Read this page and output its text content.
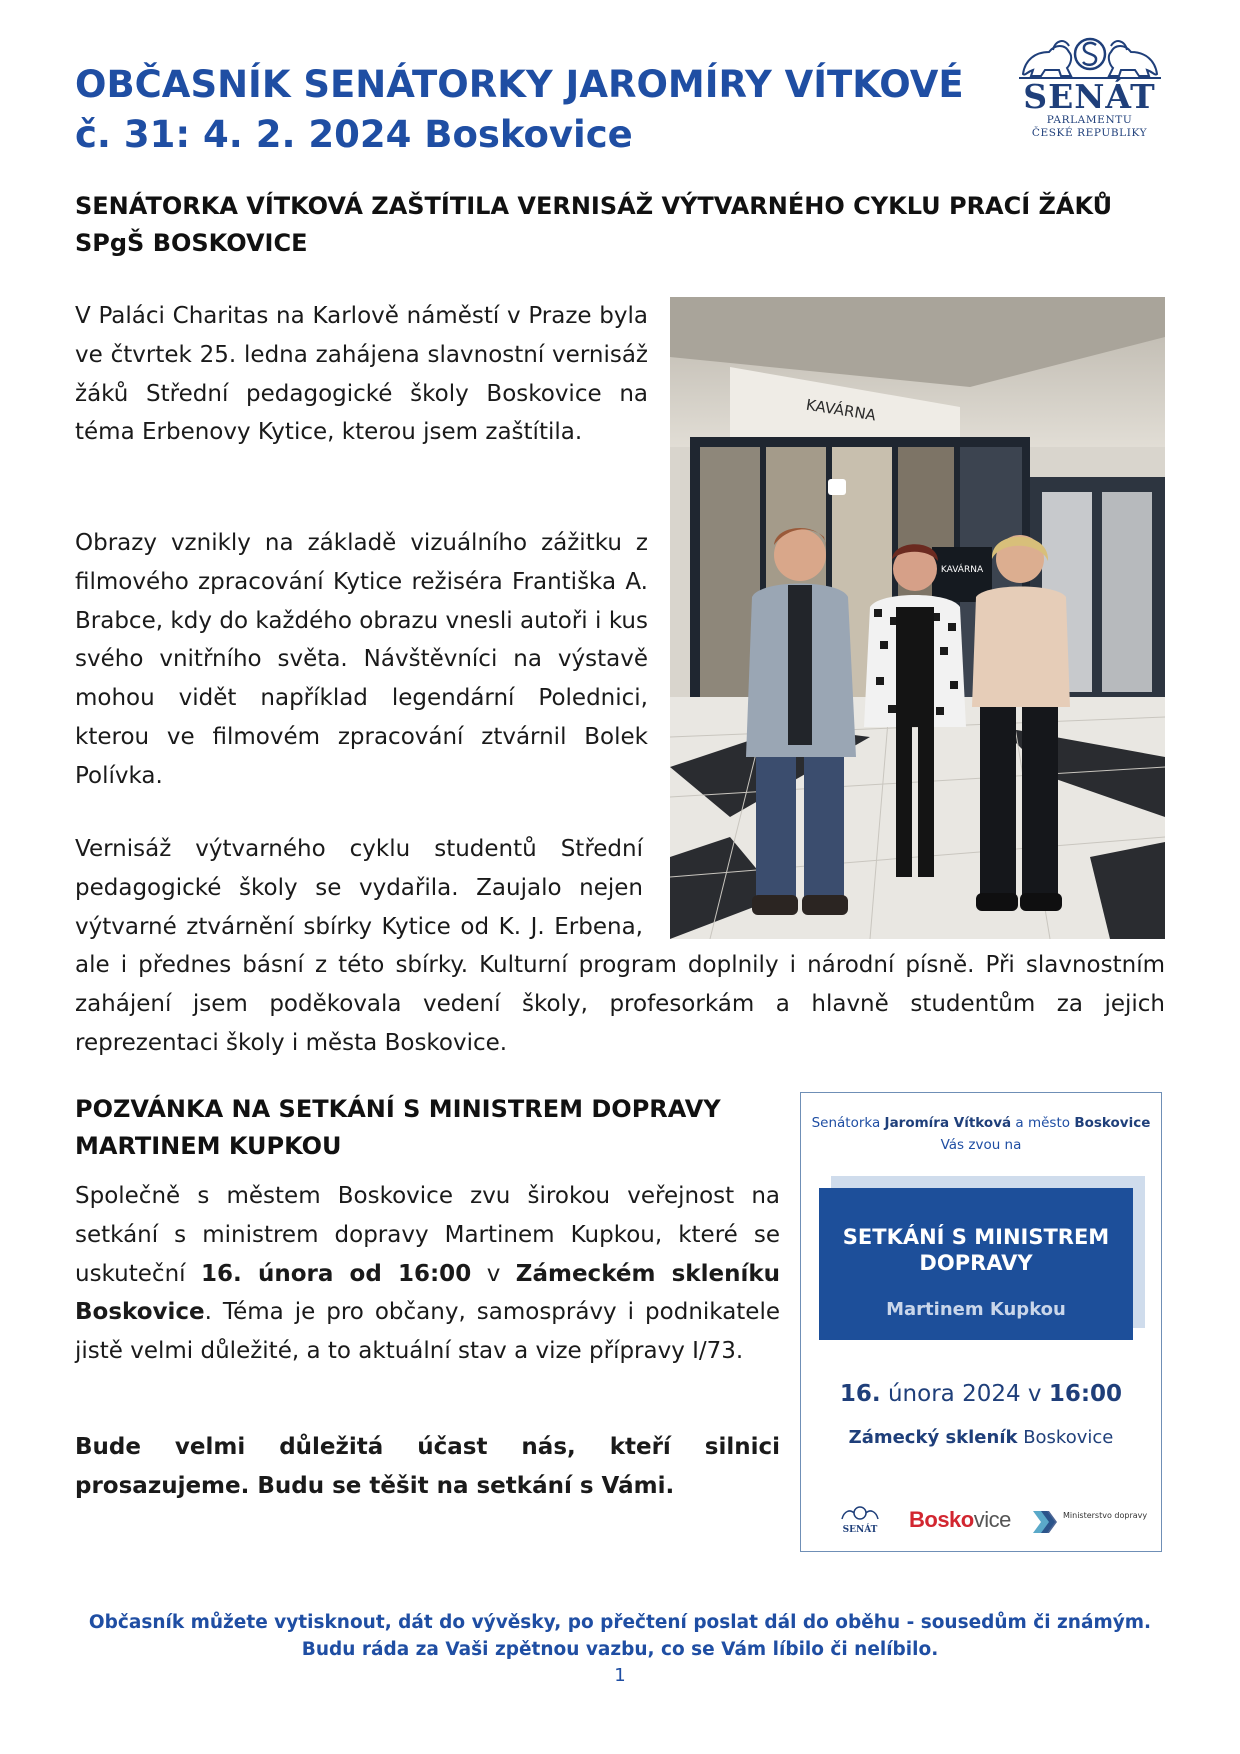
OBČASNÍK SENÁTORKY JAROMÍRY VÍTKOVÉ
č. 31: 4. 2. 2024 Boskovice
SENÁT
PARLAMENTU
ČESKÉ REPUBLIKY
SENÁTORKA VÍTKOVÁ ZAŠTÍTILA VERNISÁŽ VÝTVARNÉHO CYKLU PRACÍ ŽÁKŮ
SPgŠ BOSKOVICE

V Paláci Charitas na Karlově náměstí v Praze byla ve čtvrtek 25. ledna zahájena slavnostní vernisáž žáků Střední pedagogické školy Boskovice na téma Erbenovy Kytice, kterou jsem zaštítila.

Obrazy vznikly na základě vizuálního zážitku z filmového zpracování Kytice režiséra Františka A. Brabce, kdy do každého obrazu vnesli autoři i kus svého vnitřního světa. Návštěvníci na výstavě mohou vidět například legendární Polednici, kterou ve filmovém zpracování ztvárnil Bolek Polívka.

Vernisáž výtvarného cyklu studentů Střední pedagogické školy se vydařila. Zaujalo nejen výtvarné ztvárnění sbírky Kytice od K. J. Erbena, ale i přednes básní z této sbírky. Kulturní program doplnily i národní písně. Při slavnostním zahájení jsem poděkovala vedení školy, profesorkám a hlavně studentům za jejich reprezentaci školy i města Boskovice.

KAVÁRNA
KAVÁRNA
POZVÁNKA NA SETKÁNÍ S MINISTREM DOPRAVY
MARTINEM KUPKOU

Společně s městem Boskovice zvu širokou veřejnost na setkání s ministrem dopravy Martinem Kupkou, které se uskuteční 16. února od 16:00 v Zámeckém skleníku Boskovice. Téma je pro občany, samosprávy i podnikatele jistě velmi důležité, a to aktuální stav a vize přípravy I/73.

Bude velmi důležitá účast nás, kteří silnici prosazujeme. Budu se těšit na setkání s Vámi.

Senátorka Jaromíra Vítková a město Boskovice
Vás zvou na
SETKÁNÍ S MINISTREM
DOPRAVY
Martinem Kupkou
16. února 2024 v 16:00
Zámecký skleník Boskovice
SENÁT	Boskovice	Ministerstvo dopravy

Občasník můžete vytisknout, dát do vývěsky, po přečtení poslat dál do oběhu - sousedům či známým. Budu ráda za Vaši zpětnou vazbu, co se Vám líbilo či nelíbilo.

1
